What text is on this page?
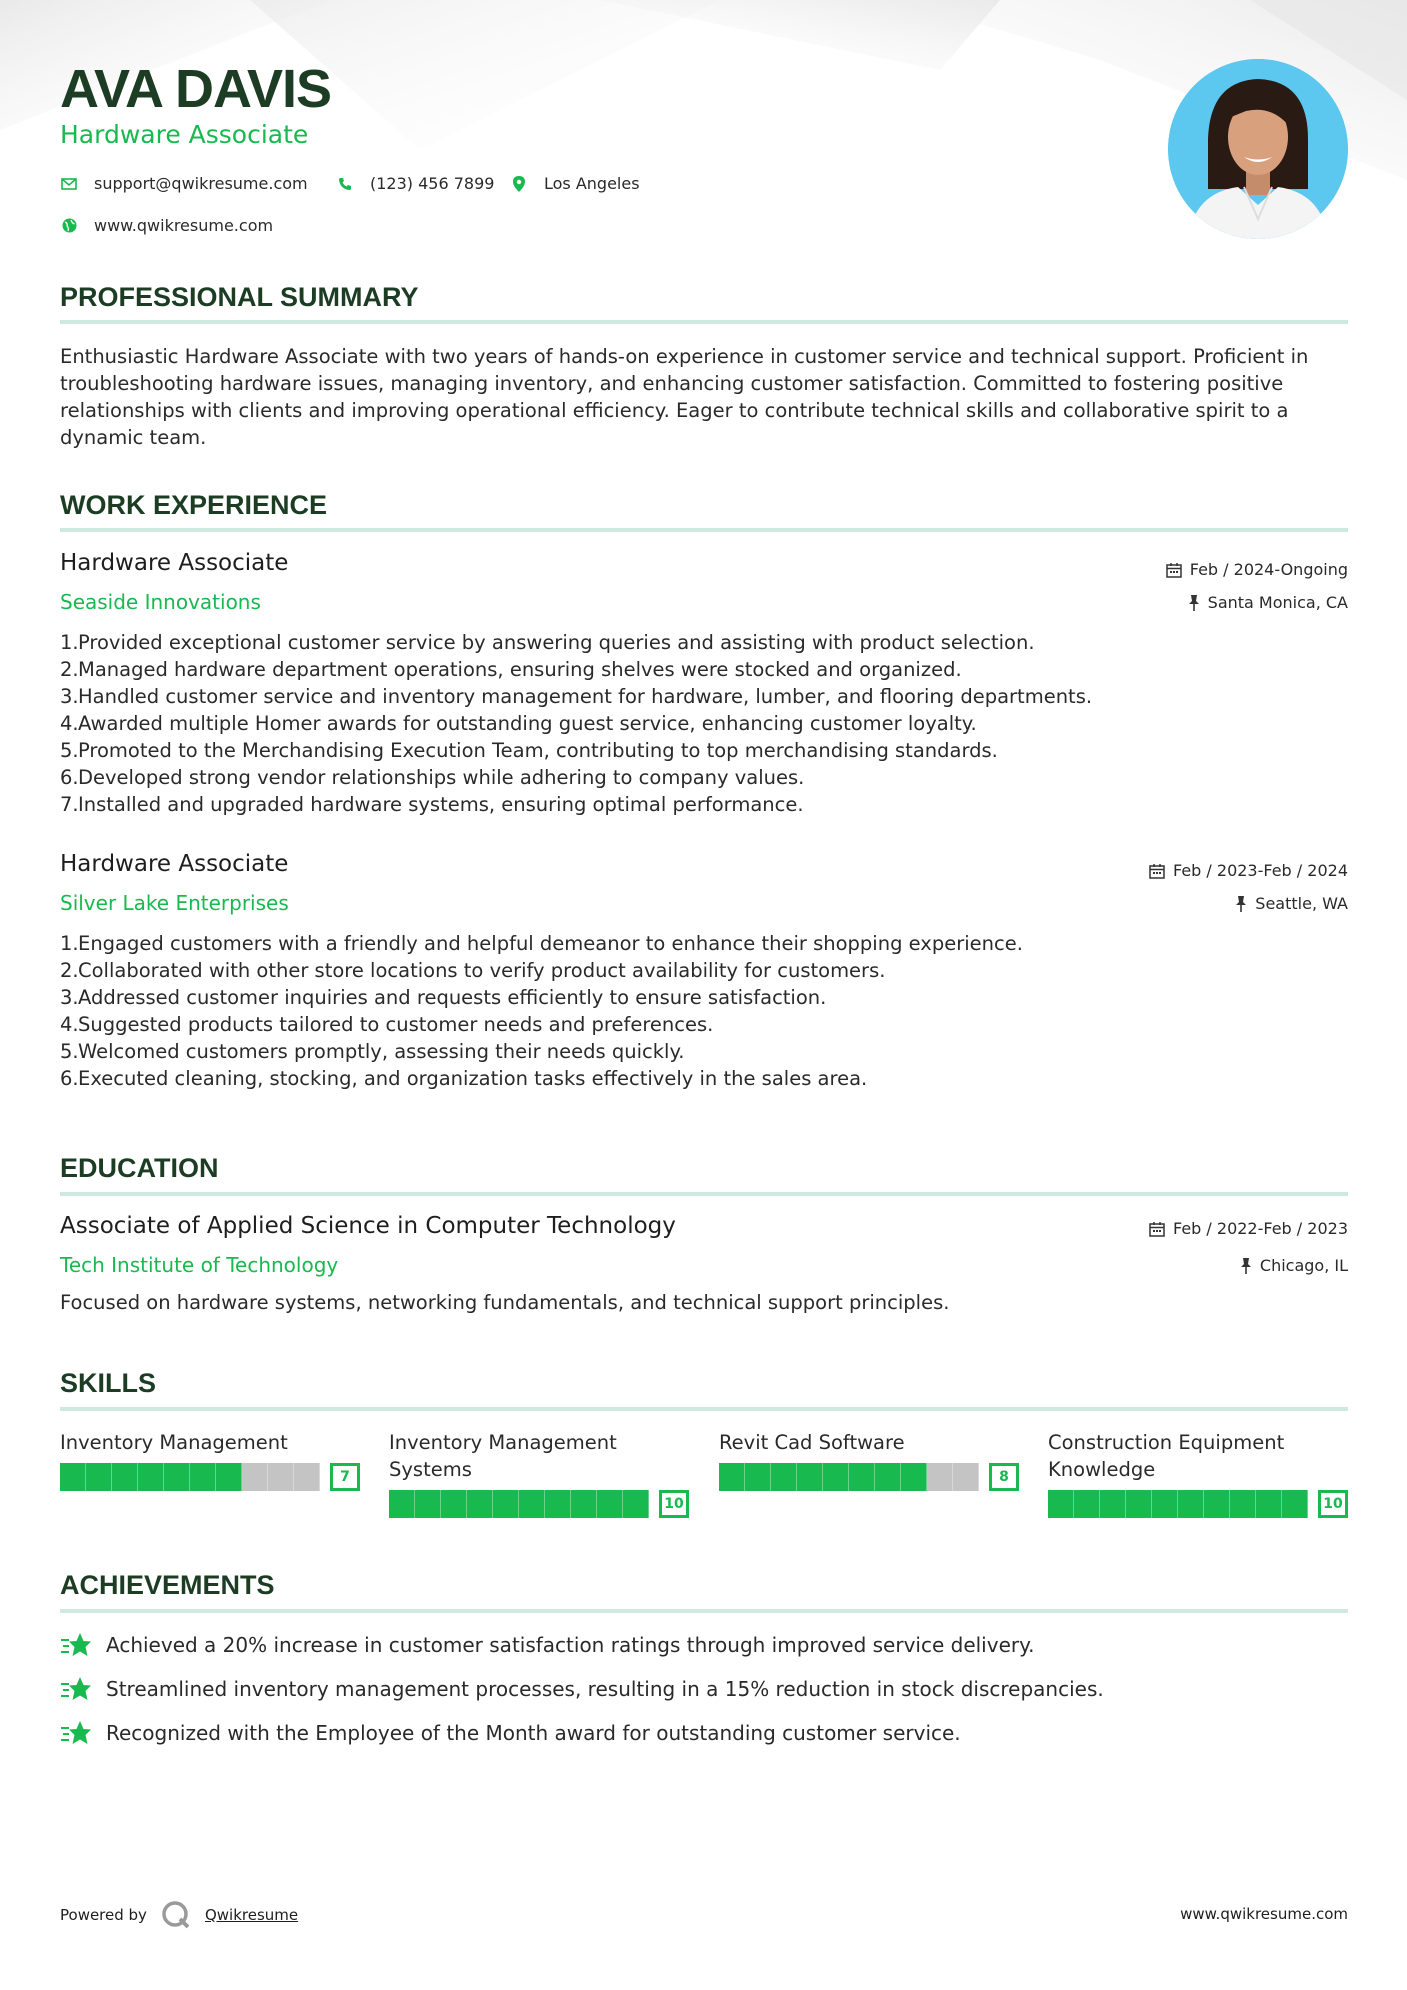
AVA DAVIS
Hardware Associate
support@qwikresume.com	(123) 456 7899	Los Angeles
www.qwikresume.com
PROFESSIONAL SUMMARY
Enthusiastic Hardware Associate with two years of hands-on experience in customer service and technical support. Proficient in troubleshooting hardware issues, managing inventory, and enhancing customer satisfaction. Committed to fostering positive relationships with clients and improving operational efficiency. Eager to contribute technical skills and collaborative spirit to a dynamic team.
WORK EXPERIENCE
Hardware Associate
Seaside Innovations
Feb / 2024-Ongoing
Santa Monica, CA
1. Provided exceptional customer service by answering queries and assisting with product selection.
2. Managed hardware department operations, ensuring shelves were stocked and organized.
3. Handled customer service and inventory management for hardware, lumber, and flooring departments.
4. Awarded multiple Homer awards for outstanding guest service, enhancing customer loyalty.
5. Promoted to the Merchandising Execution Team, contributing to top merchandising standards.
6. Developed strong vendor relationships while adhering to company values.
7. Installed and upgraded hardware systems, ensuring optimal performance.
Hardware Associate
Silver Lake Enterprises
Feb / 2023-Feb / 2024
Seattle, WA
1. Engaged customers with a friendly and helpful demeanor to enhance their shopping experience.
2. Collaborated with other store locations to verify product availability for customers.
3. Addressed customer inquiries and requests efficiently to ensure satisfaction.
4. Suggested products tailored to customer needs and preferences.
5. Welcomed customers promptly, assessing their needs quickly.
6. Executed cleaning, stocking, and organization tasks effectively in the sales area.
EDUCATION
Associate of Applied Science in Computer Technology
Tech Institute of Technology
Feb / 2022-Feb / 2023
Chicago, IL
Focused on hardware systems, networking fundamentals, and technical support principles.
SKILLS
Inventory Management
7
Inventory Management Systems
10
Revit Cad Software
8
Construction Equipment Knowledge
10
ACHIEVEMENTS
Achieved a 20% increase in customer satisfaction ratings through improved service delivery.
Streamlined inventory management processes, resulting in a 15% reduction in stock discrepancies.
Recognized with the Employee of the Month award for outstanding customer service.
Powered by	Qwikresume	www.qwikresume.com
